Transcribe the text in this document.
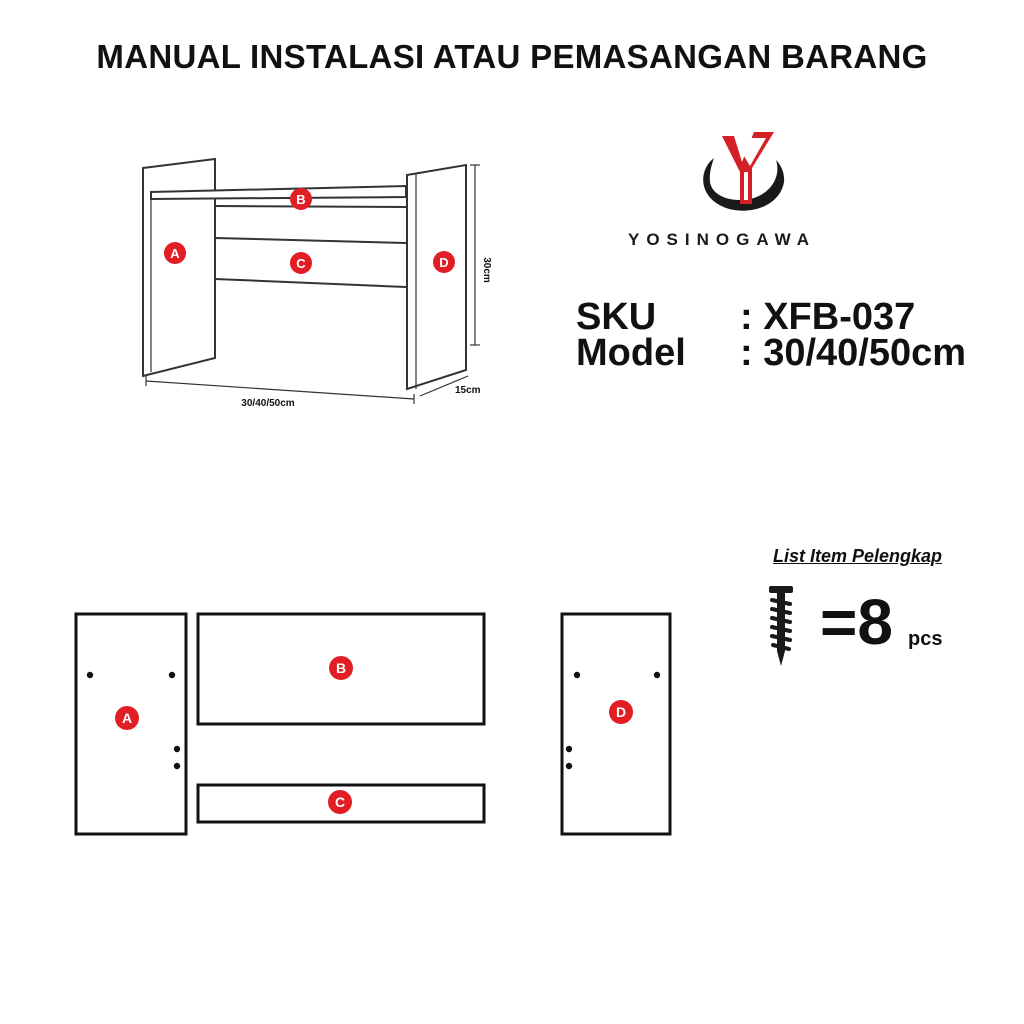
MANUAL INSTALASI ATAU PEMASANGAN BARANG
B
A
C	D	30cm
30/40/50cm
15cm
YOSINOGAWA
SKU : XFB-037
Model : 30/40/50cm
A
B
C
D
List Item Pelengkap
=8 pcs
